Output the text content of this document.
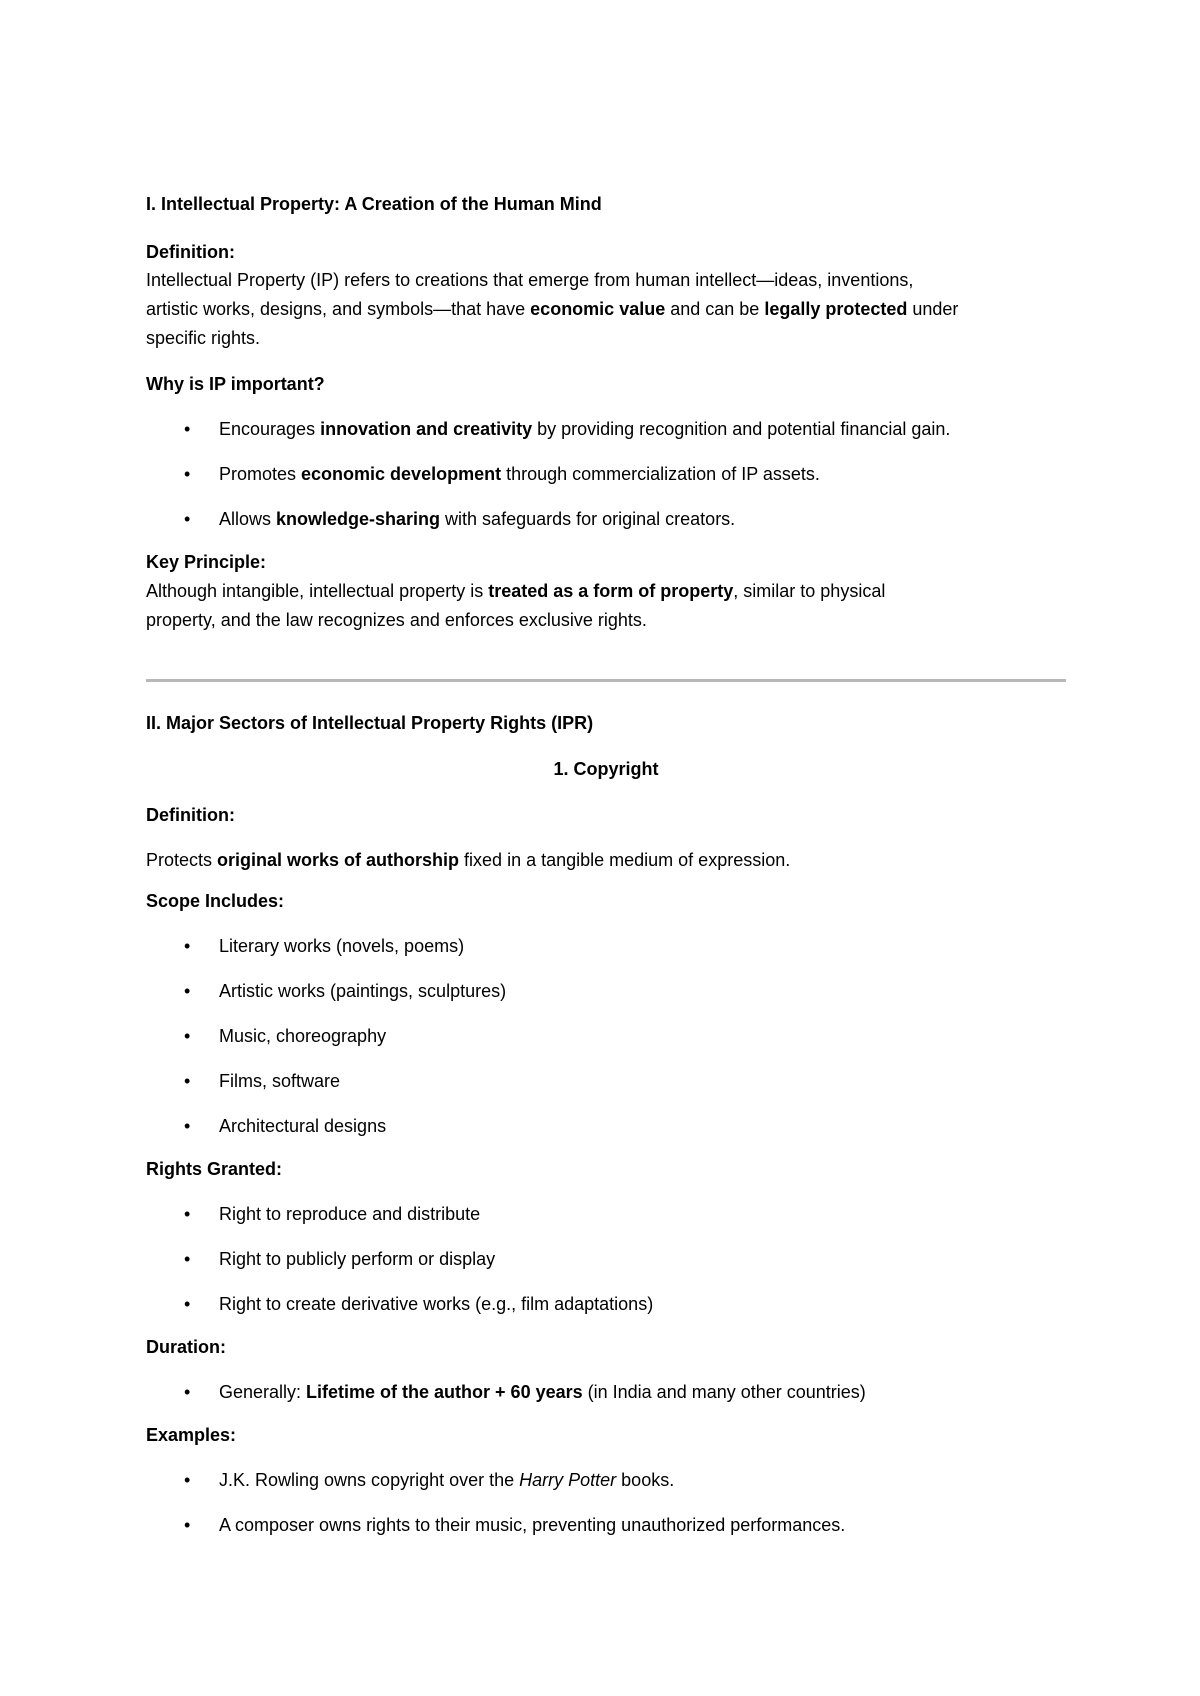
I. Intellectual Property: A Creation of the Human Mind
Definition:

Intellectual Property (IP) refers to creations that emerge from human intellect—ideas, inventions,

artistic works, designs, and symbols—that have economic value and can be legally protected under

specific rights.

Why is IP important?
• Encourages innovation and creativity by providing recognition and potential financial gain.
• Promotes economic development through commercialization of IP assets.
• Allows knowledge-sharing with safeguards for original creators.
Key Principle:

Although intangible, intellectual property is treated as a form of property, similar to physical

property, and the law recognizes and enforces exclusive rights.

II. Major Sectors of Intellectual Property Rights (IPR)
1. Copyright
Definition:

Protects original works of authorship fixed in a tangible medium of expression.

Scope Includes:
• Literary works (novels, poems)
• Artistic works (paintings, sculptures)
• Music, choreography
• Films, software
• Architectural designs
Rights Granted:
• Right to reproduce and distribute
• Right to publicly perform or display
• Right to create derivative works (e.g., film adaptations)
Duration:
• Generally: Lifetime of the author + 60 years (in India and many other countries)
Examples:
• J.K. Rowling owns copyright over the Harry Potter books.
• A composer owns rights to their music, preventing unauthorized performances.
